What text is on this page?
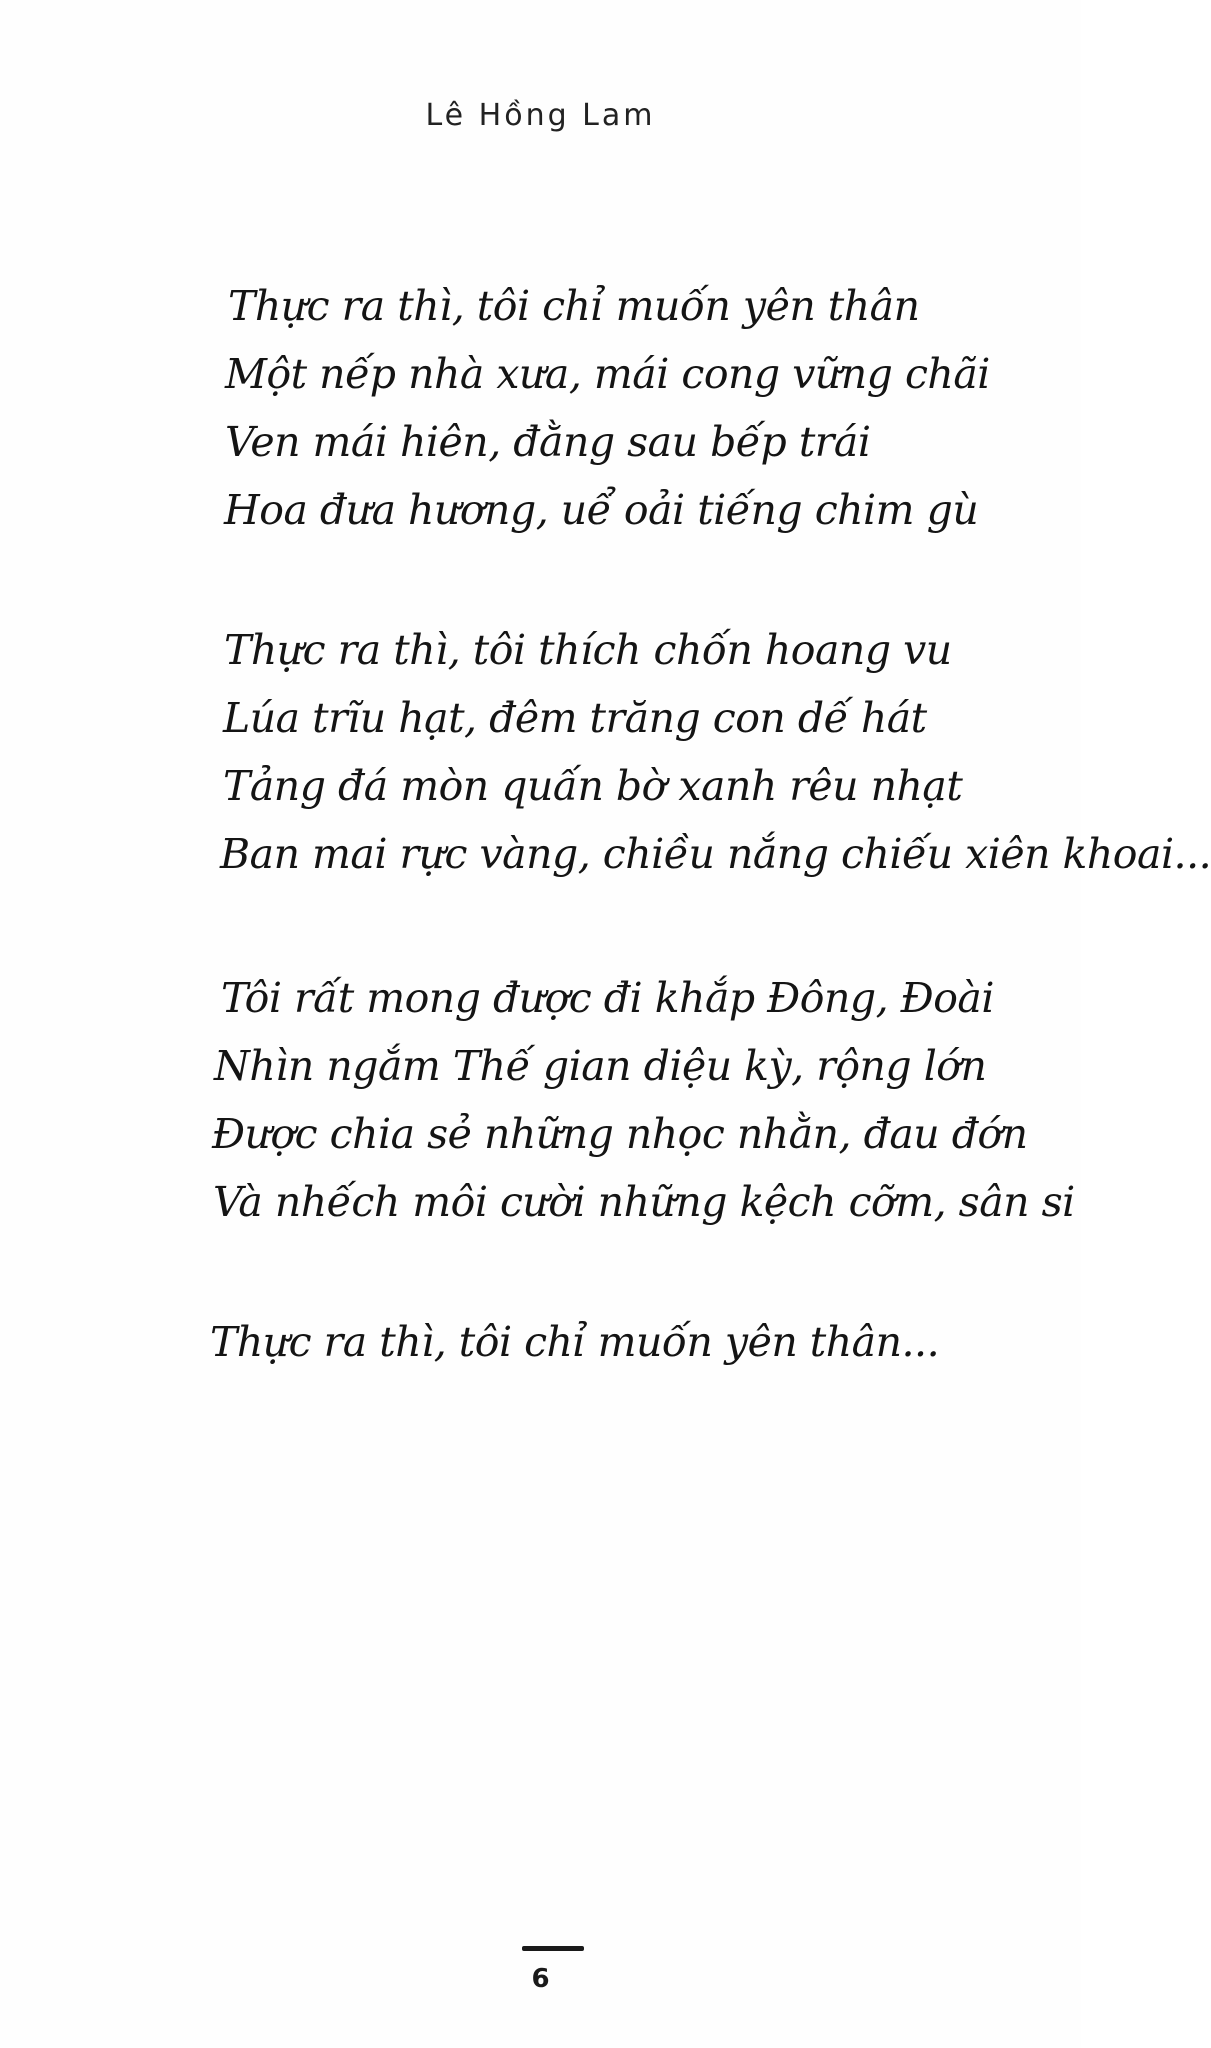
Lê Hồng Lam
Thực ra thì, tôi chỉ muốn yên thân
Một nếp nhà xưa, mái cong vững chãi
Ven mái hiên, đằng sau bếp trái
Hoa đưa hương, uể oải tiếng chim gù
Thực ra thì, tôi thích chốn hoang vu
Lúa trĩu hạt, đêm trăng con dế hát
Tảng đá mòn quấn bờ xanh rêu nhạt
Ban mai rực vàng, chiều nắng chiếu xiên khoai...
Tôi rất mong được đi khắp Đông, Đoài
Nhìn ngắm Thế gian diệu kỳ, rộng lớn
Được chia sẻ những nhọc nhằn, đau đớn
Và nhếch môi cười những kệch cỡm, sân si
Thực ra thì, tôi chỉ muốn yên thân...
6
